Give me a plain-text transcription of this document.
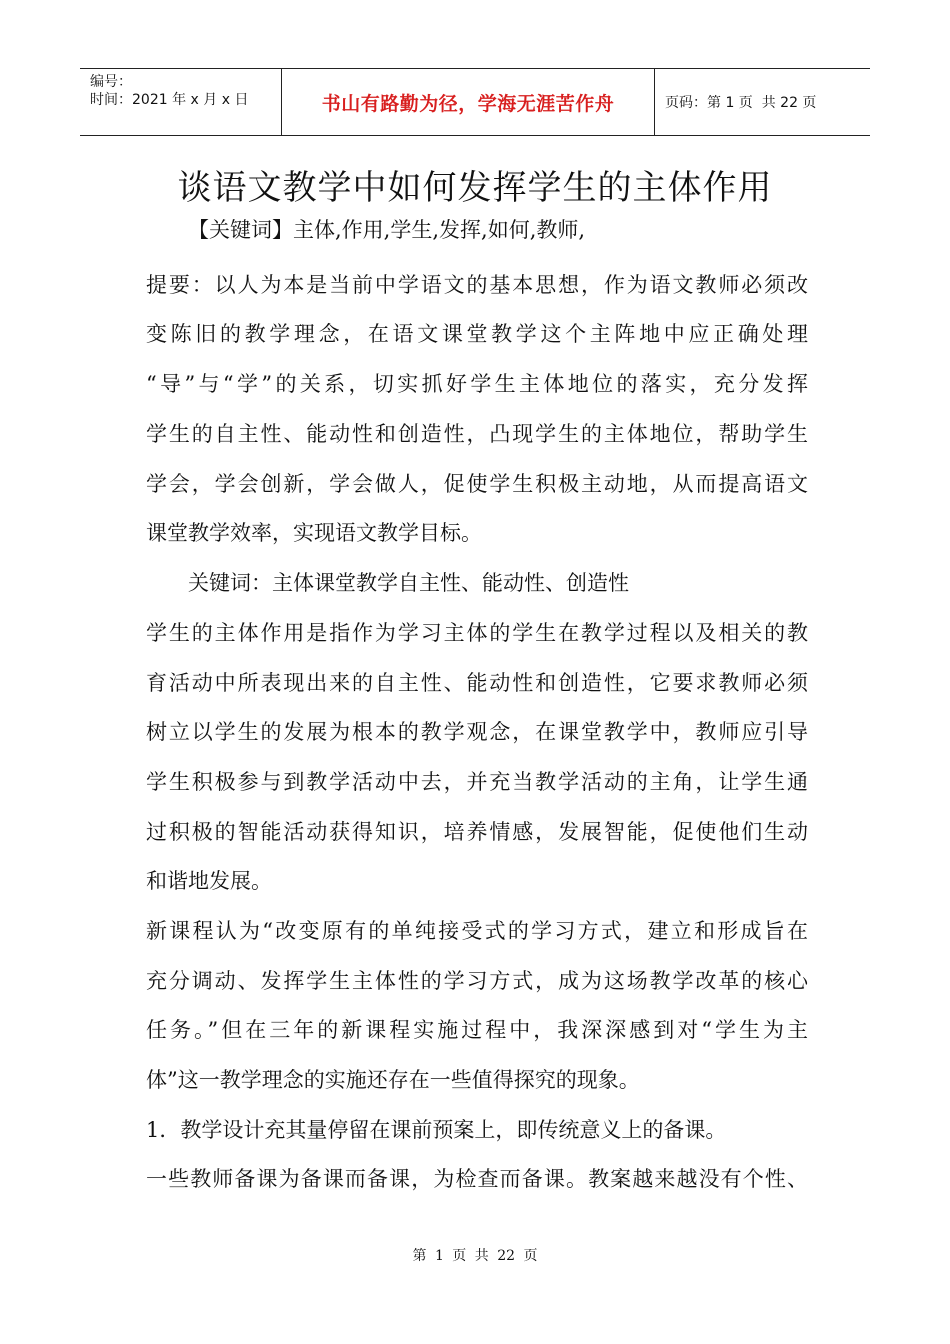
编号：
时间：2021 年 x 月 x 日	书山有路勤为径，学海无涯苦作舟	页码：第 1 页  共 22 页
谈语文教学中如何发挥学生的主体作用
【关键词】主体,作用,学生,发挥,如何,教师,
提要：以人为本是当前中学语文的基本思想，作为语文教师必须改
变陈旧的教学理念，在语文课堂教学这个主阵地中应正确处理
“导”与“学”的关系，切实抓好学生主体地位的落实，充分发挥
学生的自主性、能动性和创造性，凸现学生的主体地位，帮助学生
学会，学会创新，学会做人，促使学生积极主动地，从而提高语文
课堂教学效率，实现语文教学目标。
关键词：主体课堂教学自主性、能动性、创造性
学生的主体作用是指作为学习主体的学生在教学过程以及相关的教
育活动中所表现出来的自主性、能动性和创造性，它要求教师必须
树立以学生的发展为根本的教学观念，在课堂教学中，教师应引导
学生积极参与到教学活动中去，并充当教学活动的主角，让学生通
过积极的智能活动获得知识，培养情感，发展智能，促使他们生动
和谐地发展。
新课程认为“改变原有的单纯接受式的学习方式，建立和形成旨在
充分调动、发挥学生主体性的学习方式，成为这场教学改革的核心
任务。”但在三年的新课程实施过程中，我深深感到对“学生为主
体”这一教学理念的实施还存在一些值得探究的现象。
1．教学设计充其量停留在课前预案上，即传统意义上的备课。
一些教师备课为备课而备课，为检查而备课。教案越来越没有个性、
第 1 页 共 22 页
